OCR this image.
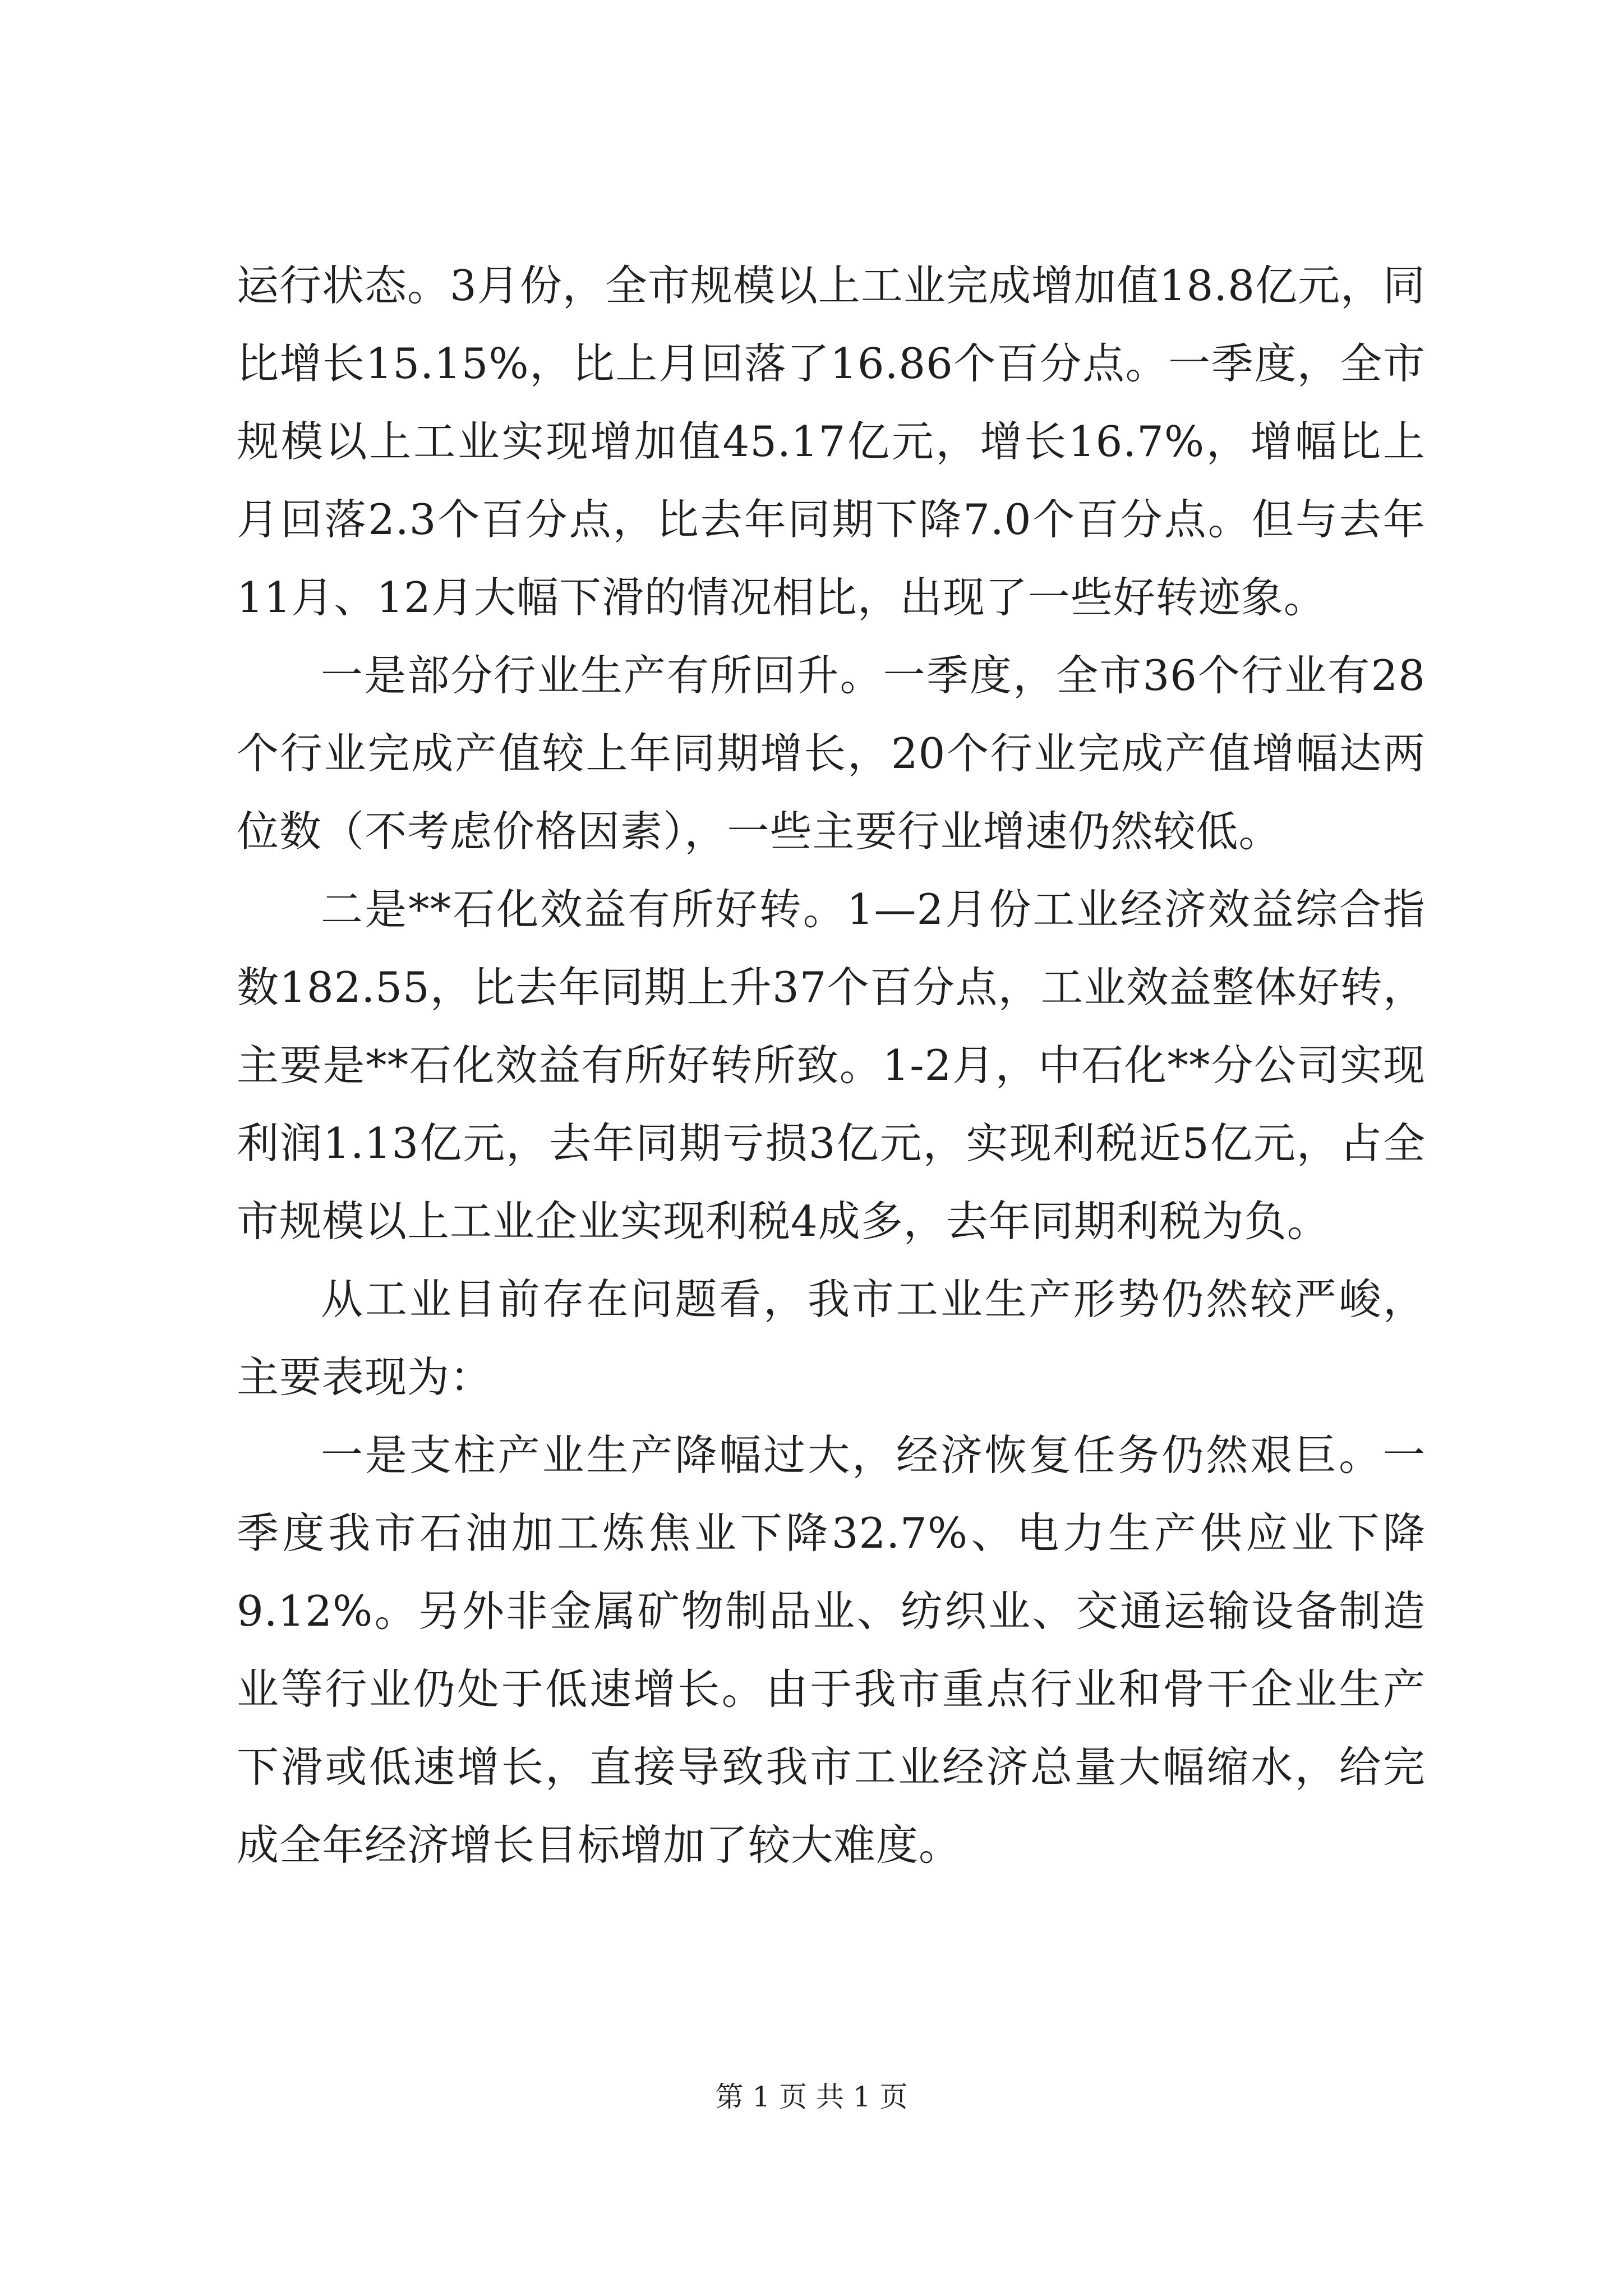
运行状态。3月份，全市规模以上工业完成增加值18.8亿元，同比增长15.15%，比上月回落了16.86个百分点。一季度，全市规模以上工业实现增加值45.17亿元，增长16.7%，增幅比上月回落2.3个百分点，比去年同期下降7.0个百分点。但与去年11月、12月大幅下滑的情况相比，出现了一些好转迹象。

一是部分行业生产有所回升。一季度，全市36个行业有28个行业完成产值较上年同期增长，20个行业完成产值增幅达两位数（不考虑价格因素），一些主要行业增速仍然较低。

二是**石化效益有所好转。1—2月份工业经济效益综合指数182.55，比去年同期上升37个百分点，工业效益整体好转，主要是**石化效益有所好转所致。1-2月，中石化**分公司实现利润1.13亿元，去年同期亏损3亿元，实现利税近5亿元，占全市规模以上工业企业实现利税4成多，去年同期利税为负。

从工业目前存在问题看，我市工业生产形势仍然较严峻，主要表现为：

一是支柱产业生产降幅过大，经济恢复任务仍然艰巨。一季度我市石油加工炼焦业下降32.7%、电力生产供应业下降9.12%。另外非金属矿物制品业、纺织业、交通运输设备制造业等行业仍处于低速增长。由于我市重点行业和骨干企业生产下滑或低速增长，直接导致我市工业经济总量大幅缩水，给完成全年经济增长目标增加了较大难度。

第 1 页 共 1 页
